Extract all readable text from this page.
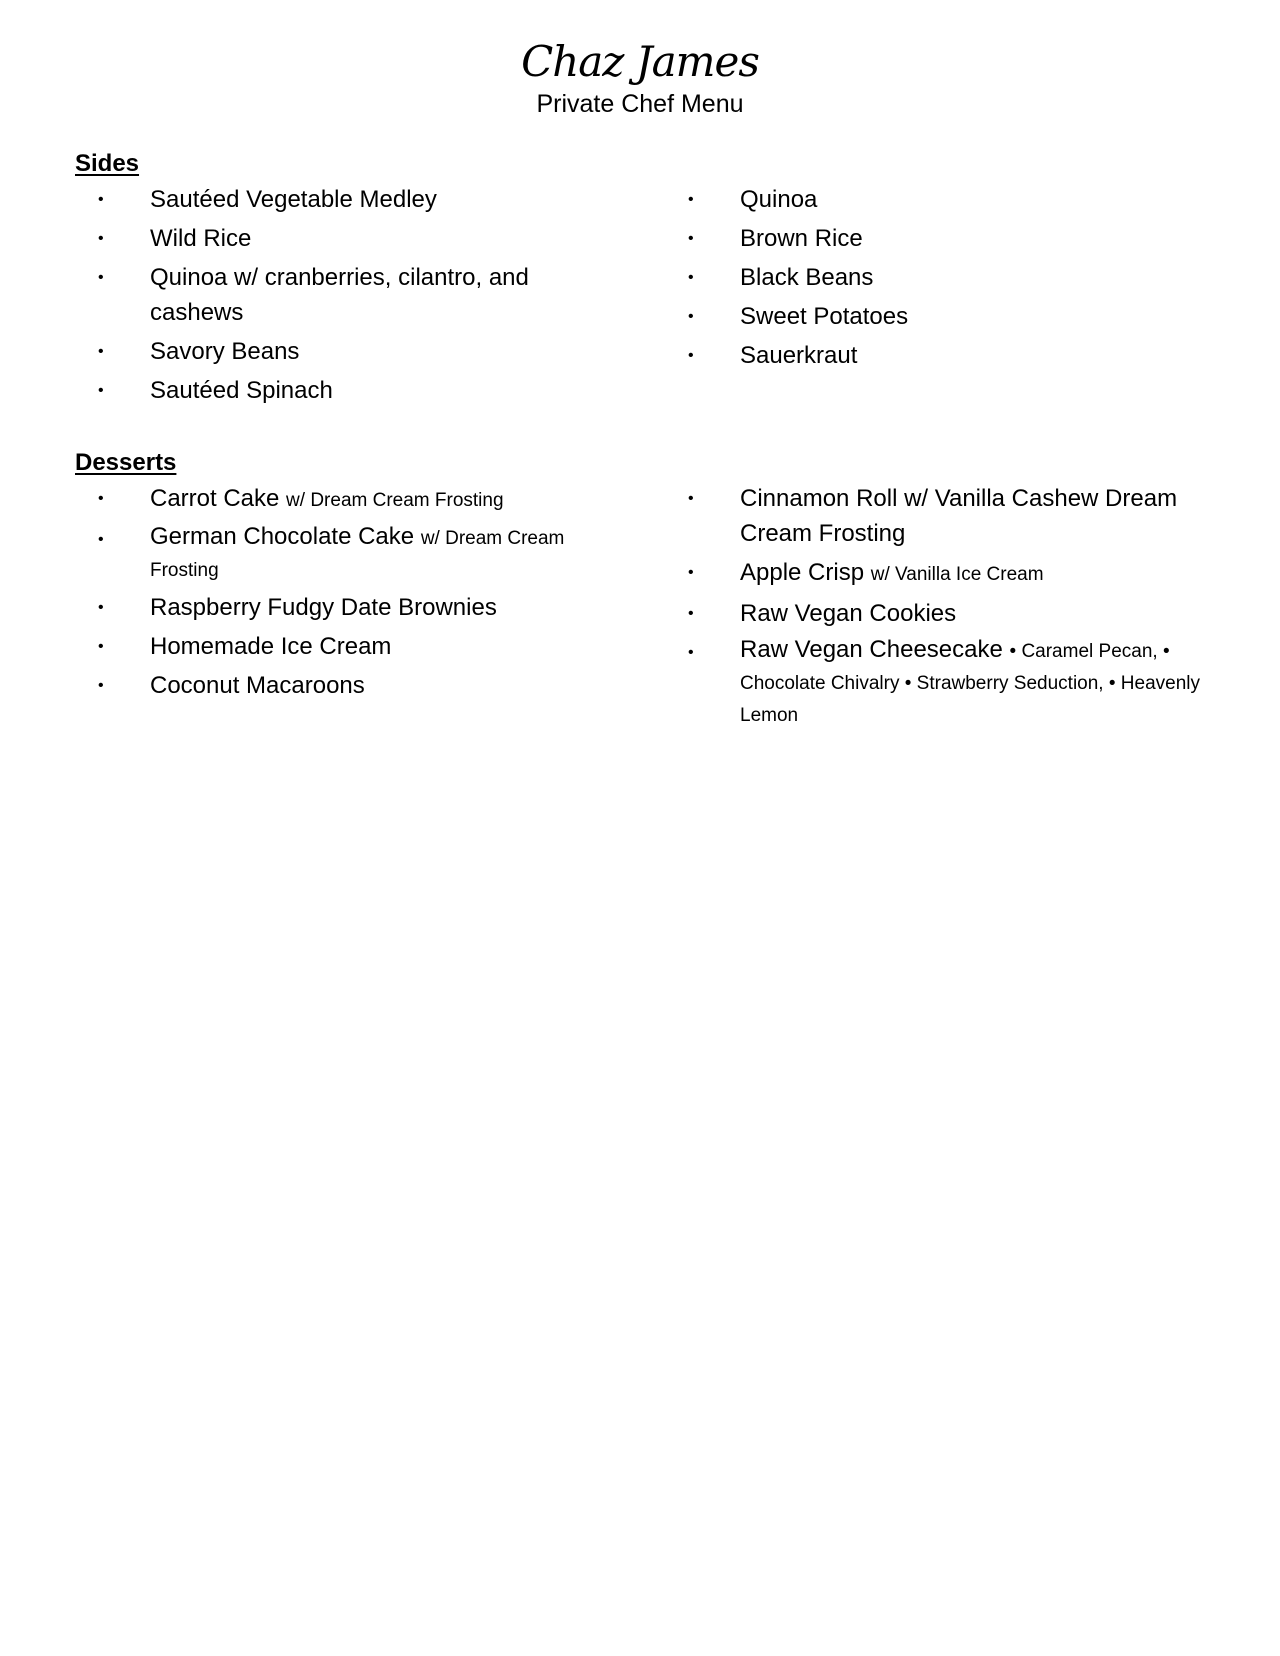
Chaz James
Private Chef Menu
Sides
• Sautéed Vegetable Medley
• Wild Rice
• Quinoa w/ cranberries, cilantro, and cashews
• Savory Beans
• Sautéed Spinach
• Quinoa
• Brown Rice
• Black Beans
• Sweet Potatoes
• Sauerkraut
Desserts
• Carrot Cake w/ Dream Cream Frosting
• German Chocolate Cake w/ Dream Cream Frosting
• Raspberry Fudgy Date Brownies
• Homemade Ice Cream
• Coconut Macaroons
• Cinnamon Roll w/ Vanilla Cashew Dream Cream Frosting
• Apple Crisp w/ Vanilla Ice Cream
• Raw Vegan Cookies
• Raw Vegan Cheesecake • Caramel Pecan, • Chocolate Chivalry • Strawberry Seduction, • Heavenly Lemon
